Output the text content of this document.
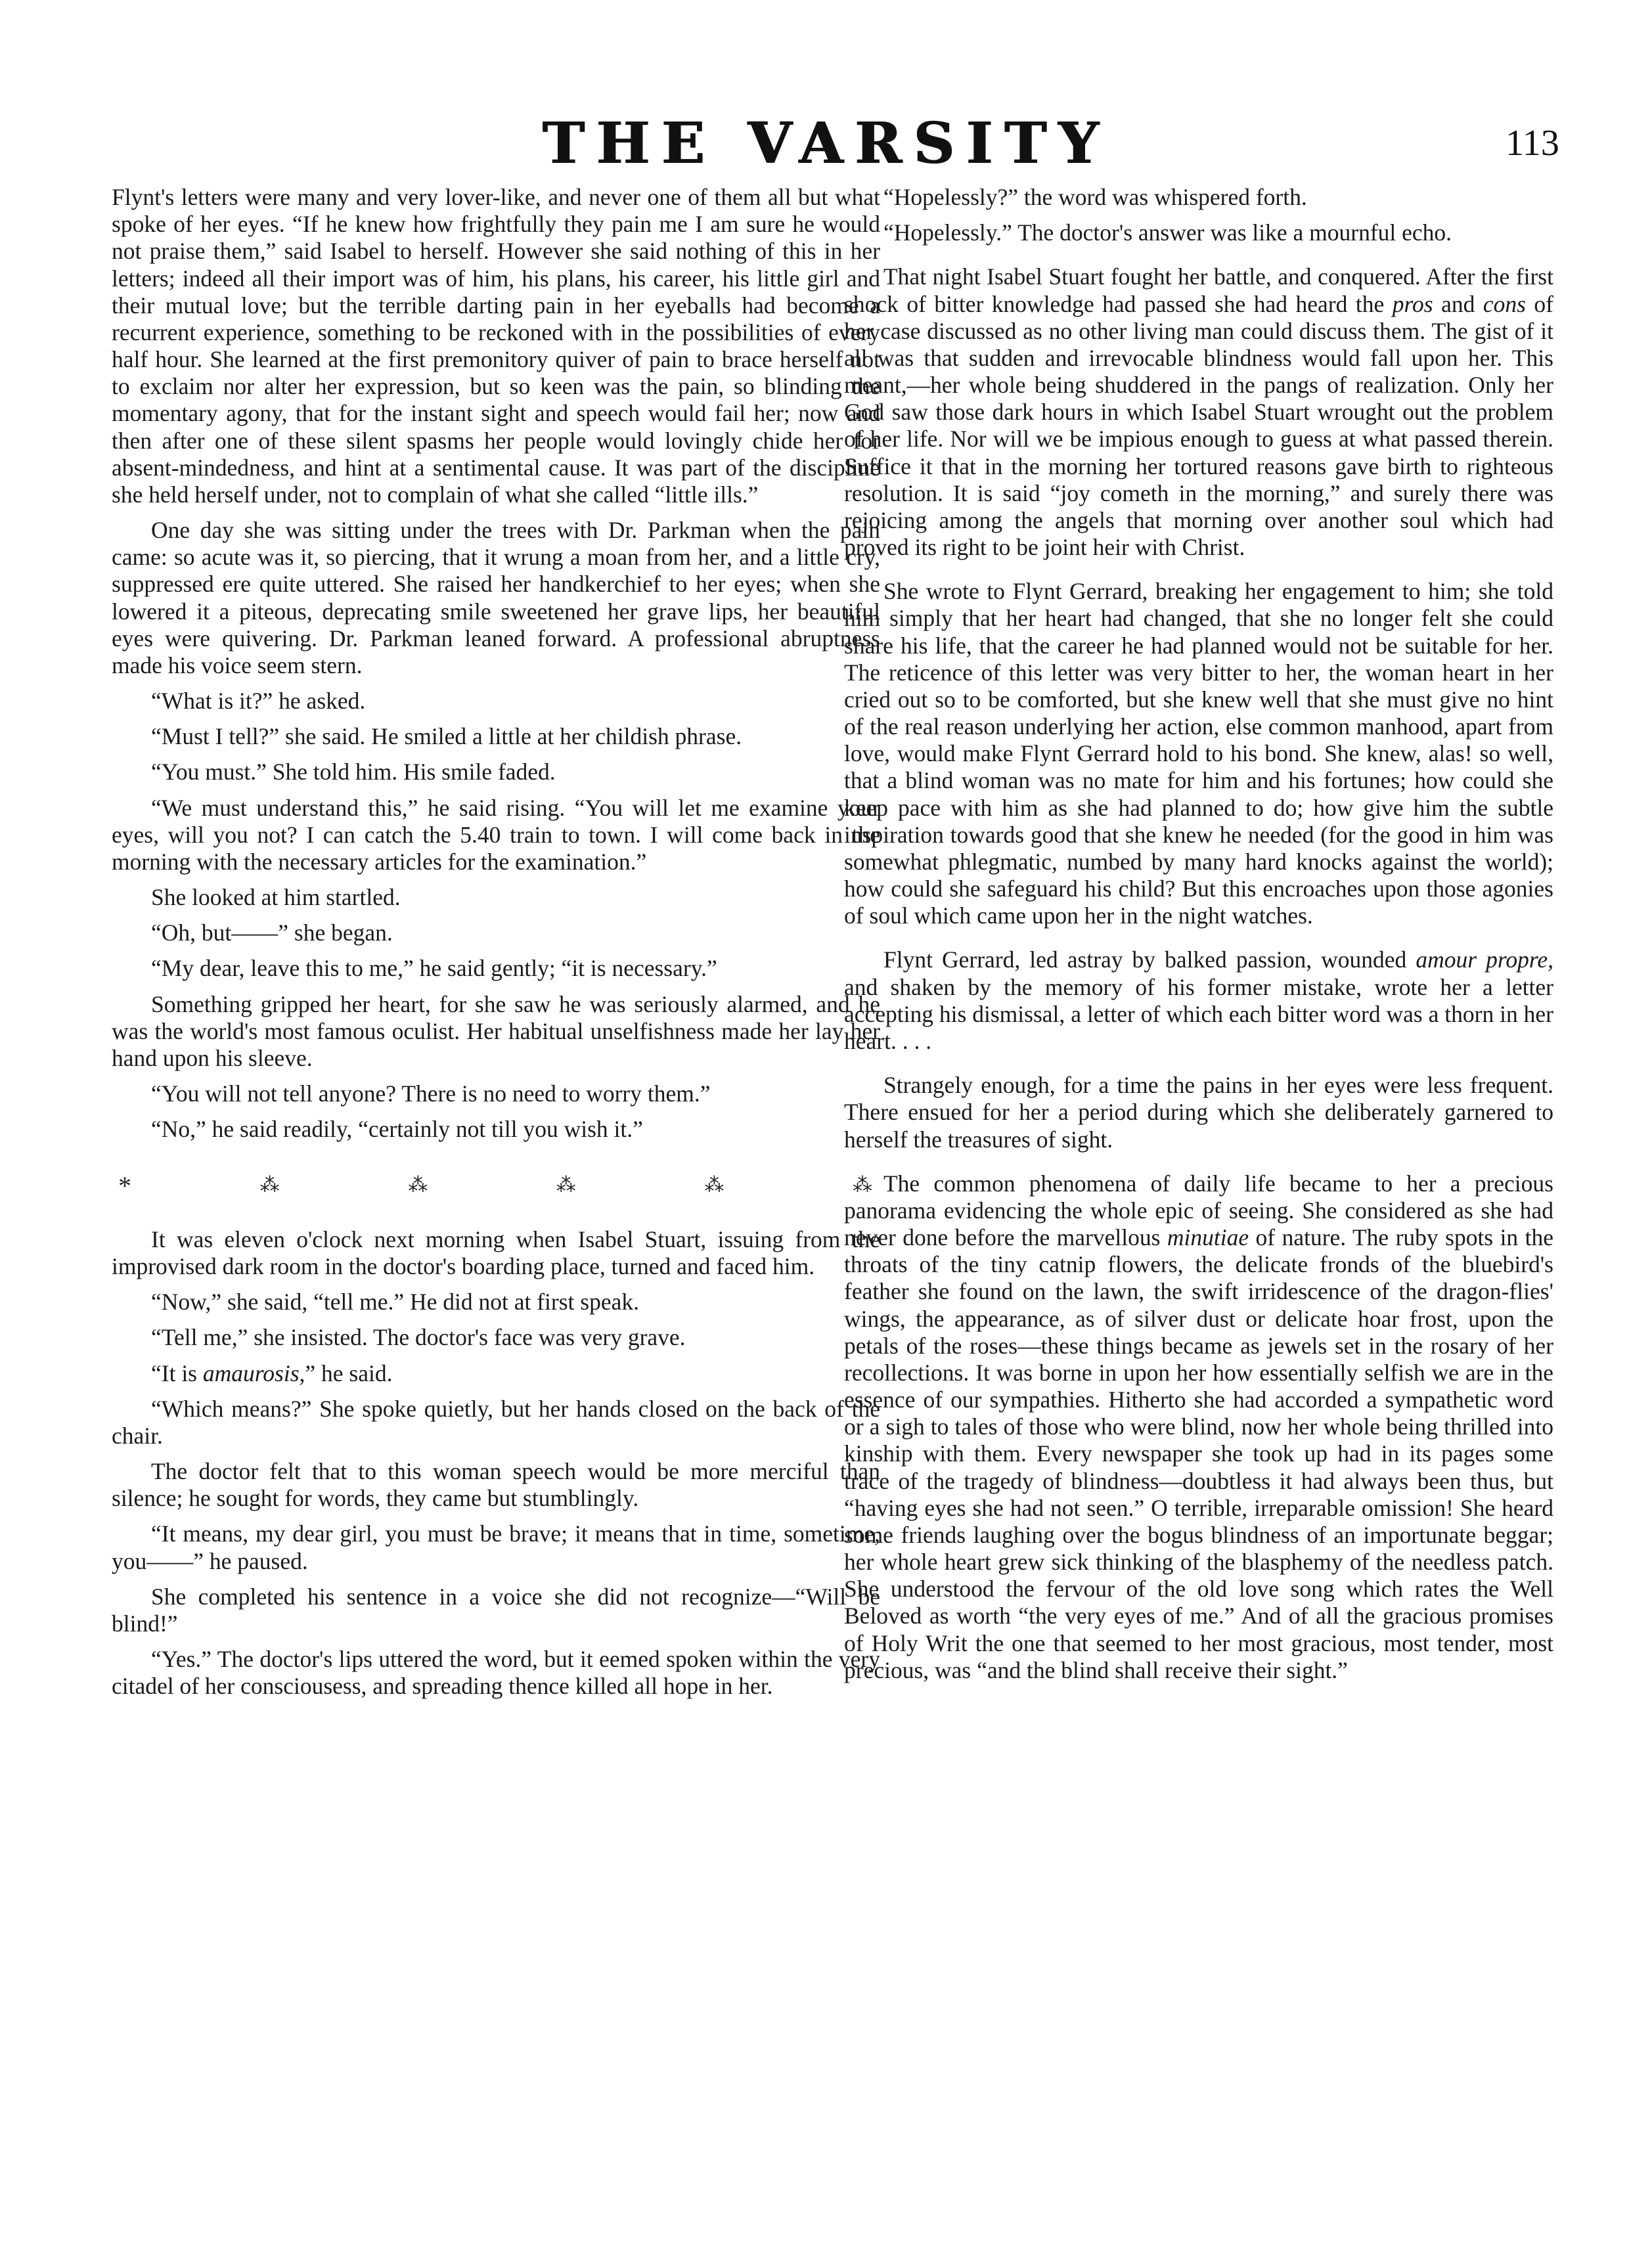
THE VARSITY	113

Flynt's letters were many and very lover-like, and never one of them all but what spoke of her eyes. “If he knew how frightfully they pain me I am sure he would not praise them,” said Isabel to herself. However she said nothing of this in her letters; indeed all their import was of him, his plans, his career, his little girl and their mutual love; but the terrible darting pain in her eyeballs had become a recurrent experience, something to be reckoned with in the possibilities of every half hour. She learned at the first premonitory quiver of pain to brace herself not to exclaim nor alter her expression, but so keen was the pain, so blinding the momentary agony, that for the instant sight and speech would fail her; now and then after one of these silent spasms her people would lovingly chide her for absent-mindedness, and hint at a sentimental cause. It was part of the discipline she held herself under, not to complain of what she called “little ills.”

One day she was sitting under the trees with Dr. Parkman when the pain came: so acute was it, so piercing, that it wrung a moan from her, and a little cry, suppressed ere quite uttered. She raised her handkerchief to her eyes; when she lowered it a piteous, deprecating smile sweetened her grave lips, her beautiful eyes were quivering. Dr. Parkman leaned forward. A professional abruptness made his voice seem stern.

“What is it?” he asked.

“Must I tell?” she said. He smiled a little at her childish phrase.

“You must.” She told him. His smile faded.

“We must understand this,” he said rising. “You will let me examine your eyes, will you not? I can catch the 5.40 train to town. I will come back in the morning with the necessary articles for the examination.”

She looked at him startled.

“Oh, but——” she began.

“My dear, leave this to me,” he said gently; “it is necessary.”

Something gripped her heart, for she saw he was seriously alarmed, and he was the world's most famous oculist. Her habitual unselfishness made her lay her hand upon his sleeve.

“You will not tell anyone? There is no need to worry them.”

“No,” he said readily, “certainly not till you wish it.”

*	⁂	⁂	⁂	⁂	⁂

It was eleven o'clock next morning when Isabel Stuart, issuing from the improvised dark room in the doctor's boarding place, turned and faced him.

“Now,” she said, “tell me.” He did not at first speak.

“Tell me,” she insisted. The doctor's face was very grave.

“It is amaurosis,” he said.

“Which means?” She spoke quietly, but her hands closed on the back of the chair.

The doctor felt that to this woman speech would be more merciful than silence; he sought for words, they came but stumblingly.

“It means, my dear girl, you must be brave; it means that in time, sometime, you——” he paused.

She completed his sentence in a voice she did not recognize—“Will be blind!”

“Yes.” The doctor's lips uttered the word, but it eemed spoken within the very citadel of her consciousess, and spreading thence killed all hope in her.

“Hopelessly?” the word was whispered forth.

“Hopelessly.” The doctor's answer was like a mournful echo.

That night Isabel Stuart fought her battle, and conquered. After the first shock of bitter knowledge had passed she had heard the pros and cons of her case discussed as no other living man could discuss them. The gist of it all was that sudden and irrevocable blindness would fall upon her. This meant,—her whole being shuddered in the pangs of realization. Only her God saw those dark hours in which Isabel Stuart wrought out the problem of her life. Nor will we be impious enough to guess at what passed therein. Suffice it that in the morning her tortured reasons gave birth to righteous resolution. It is said “joy cometh in the morning,” and surely there was rejoicing among the angels that morning over another soul which had proved its right to be joint heir with Christ.

She wrote to Flynt Gerrard, breaking her engagement to him; she told him simply that her heart had changed, that she no longer felt she could share his life, that the career he had planned would not be suitable for her. The reticence of this letter was very bitter to her, the woman heart in her cried out so to be comforted, but she knew well that she must give no hint of the real reason underlying her action, else common manhood, apart from love, would make Flynt Gerrard hold to his bond. She knew, alas! so well, that a blind woman was no mate for him and his fortunes; how could she keep pace with him as she had planned to do; how give him the subtle inspiration towards good that she knew he needed (for the good in him was somewhat phlegmatic, numbed by many hard knocks against the world); how could she safeguard his child? But this encroaches upon those agonies of soul which came upon her in the night watches.

Flynt Gerrard, led astray by balked passion, wounded amour propre, and shaken by the memory of his former mistake, wrote her a letter accepting his dismissal, a letter of which each bitter word was a thorn in her heart. . . .

Strangely enough, for a time the pains in her eyes were less frequent. There ensued for her a period during which she deliberately garnered to herself the treasures of sight.

The common phenomena of daily life became to her a precious panorama evidencing the whole epic of seeing. She considered as she had never done before the marvellous minutiae of nature. The ruby spots in the throats of the tiny catnip flowers, the delicate fronds of the bluebird's feather she found on the lawn, the swift irridescence of the dragon-flies' wings, the appearance, as of silver dust or delicate hoar frost, upon the petals of the roses—these things became as jewels set in the rosary of her recollections. It was borne in upon her how essentially selfish we are in the essence of our sympathies. Hitherto she had accorded a sympathetic word or a sigh to tales of those who were blind, now her whole being thrilled into kinship with them. Every newspaper she took up had in its pages some trace of the tragedy of blindness—doubtless it had always been thus, but “having eyes she had not seen.” O terrible, irreparable omission! She heard some friends laughing over the bogus blindness of an importunate beggar; her whole heart grew sick thinking of the blasphemy of the needless patch. She understood the fervour of the old love song which rates the Well Beloved as worth “the very eyes of me.” And of all the gracious promises of Holy Writ the one that seemed to her most gracious, most tender, most precious, was “and the blind shall receive their sight.”
